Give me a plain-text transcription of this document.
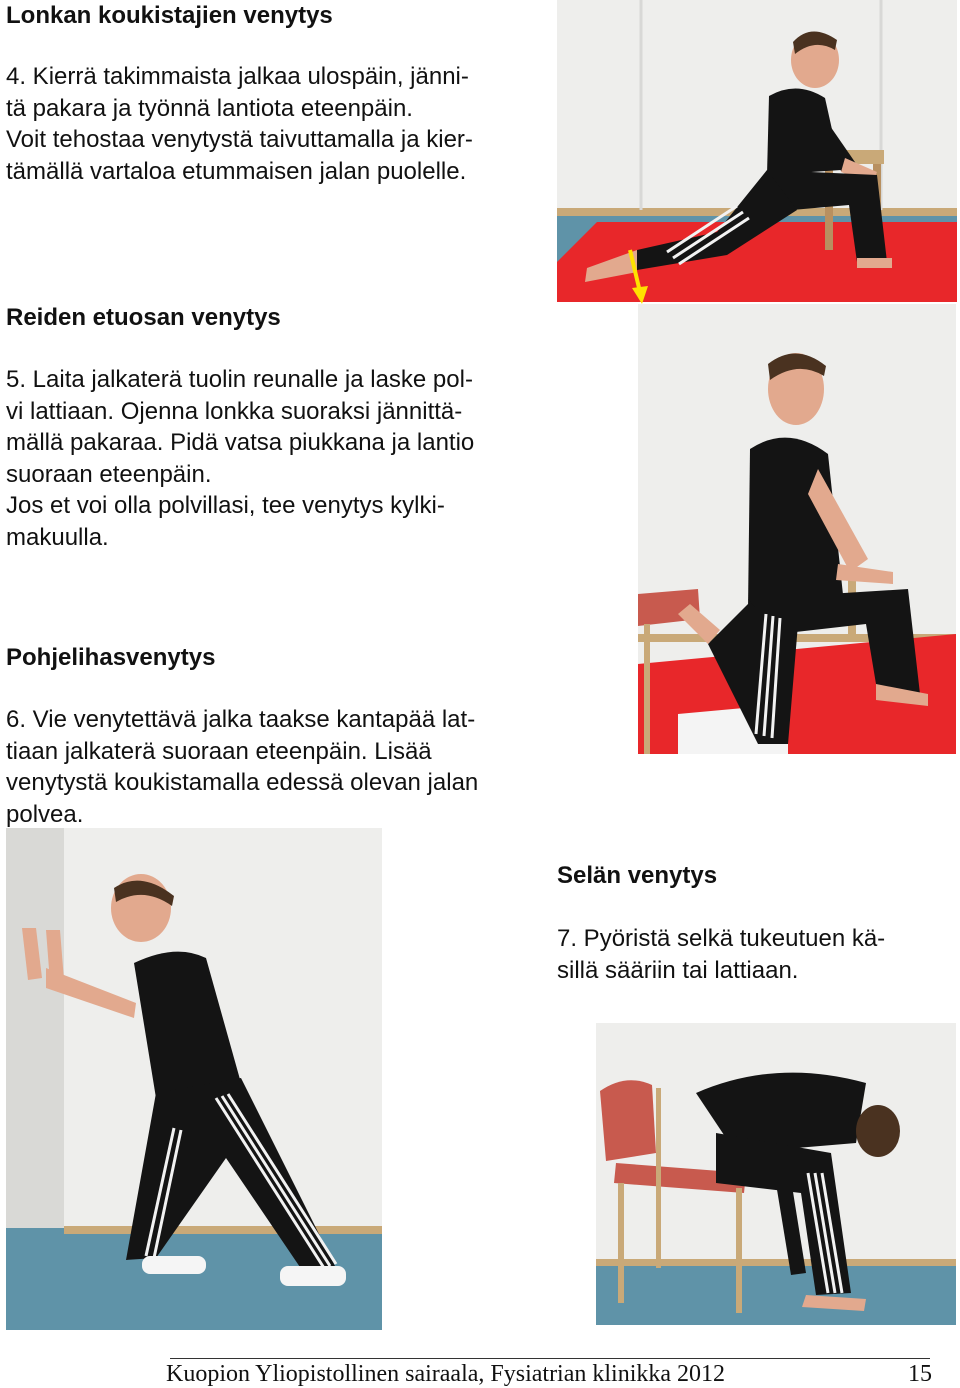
Lonkan koukistajien venytys
4. Kierrä takimmaista jalkaa ulospäin, jänni-
tä pakara ja työnnä lantiota eteenpäin.
Voit tehostaa venytystä taivuttamalla ja kier-
tämällä vartaloa etummaisen jalan puolelle.
Reiden etuosan venytys
5. Laita jalkaterä tuolin reunalle ja laske pol-
vi lattiaan. Ojenna lonkka suoraksi jännittä-
mällä pakaraa. Pidä vatsa piukkana ja lantio
suoraan eteenpäin.
Jos et voi olla polvillasi, tee venytys kylki-
makuulla.
Pohjelihasvenytys
6. Vie venytettävä jalka taakse kantapää lat-
tiaan jalkaterä suoraan eteenpäin. Lisää
venytystä koukistamalla edessä olevan jalan
polvea.
Selän venytys
7. Pyöristä selkä tukeutuen kä-
sillä sääriin tai lattiaan.
Kuopion Yliopistollinen sairaala, Fysiatrian klinikka 2012	15
